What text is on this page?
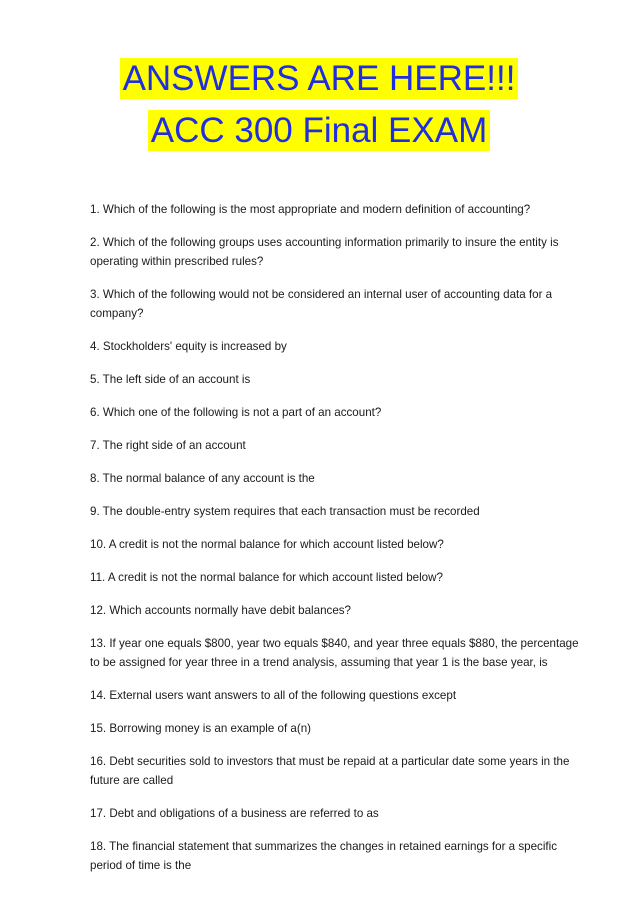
ANSWERS ARE HERE!!!
ACC 300 Final EXAM
1. Which of the following is the most appropriate and modern definition of accounting?
2. Which of the following groups uses accounting information primarily to insure the entity is
operating within prescribed rules?
3. Which of the following would not be considered an internal user of accounting data for a
company?
4. Stockholders' equity is increased by
5. The left side of an account is
6. Which one of the following is not a part of an account?
7. The right side of an account
8. The normal balance of any account is the
9. The double-entry system requires that each transaction must be recorded
10. A credit is not the normal balance for which account listed below?
11. A credit is not the normal balance for which account listed below?
12. Which accounts normally have debit balances?
13. If year one equals $800, year two equals $840, and year three equals $880, the percentage
to be assigned for year three in a trend analysis, assuming that year 1 is the base year, is
14. External users want answers to all of the following questions except
15. Borrowing money is an example of a(n)
16. Debt securities sold to investors that must be repaid at a particular date some years in the
future are called
17. Debt and obligations of a business are referred to as
18. The financial statement that summarizes the changes in retained earnings for a specific
period of time is the
